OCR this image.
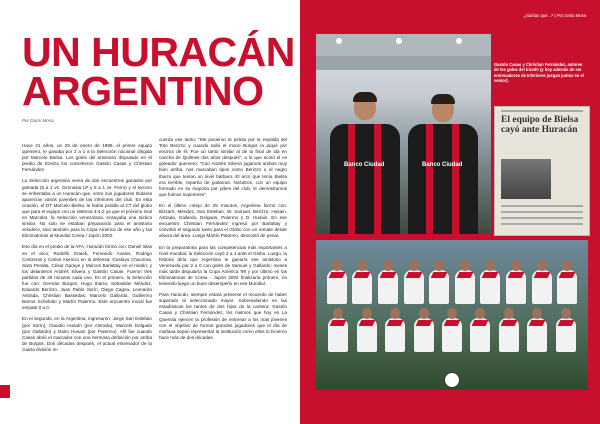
UN HURACÁN
ARGENTINO
Por Darío Mosa

Hace 21 años, un 29 de enero de 1999, el primer equipo quemero, le ganaba por 2 a 1 a la Selección nacional dirigida por Marcelo Bielsa. Los goles del amistoso disputado en el predio de Ezeiza los convirtieron Gastón Casas y Christian Fernández.

La Selección argentina venía de dos encuentros ganados por goleada (6 a 1 vs. Gimnasia LP y 5 a 1 vs. Ferro) y el tercero se enfrentaba a un Huracán que, entre sus jugadores titulares aparecían varios juveniles de las inferiores del club. En esta ocasión, el DT Marcelo Bielsa, le había pedido al CT del globo que para el equipo con un sistema 4-4-2 ya que el próximo rival en Marcabo, la Selección venezolana, ensayaba una táctica similar. No solo se estaban preparando para el amistoso venidero, sino también para la Copa América de ese año y las Eliminatorias al Mundial Corea / Japón 2002.

Ese día en el predio de la AFA, Huracán formó con: Daniel Islas en el arco; Rodolfo Graieb, Fernando Ávalos, Rodrigo Contreras y Carlos Asencio en la defensa; Gustavo Chacoma, Sixto Peralta, César Garaye y Marcos Barlattay en el medio; y los delanteros Andrés Silvera y Gastón Casas. Fueron tres partidos de 25 minutos cada uno. En el primero, la Selección fue con: Germán Burgos, Hugo Ibarra, Sebastián Méndez, Eduardo Berizzo, Juan Pablo Sorín, Diego Cagna, Leonardo Astrada, Christian Bassedas, Marcelo Gallardo, Guillermo Barros Schelotto y Martín Palermo. Este encuentro inicial fue empate 0 a 0.

En el segundo, en la Argentina, ingresaron: Jorge San Esteban (por Sorín), Claudio Husaín (por Astrada), Marcelo Delgado (por Gallardo) y Dario Husain (por Palermo). Allí fue cuando Casas abrió el marcador con una hermosa definición por arriba de Burgos. Dos décadas después, el actual entrenador de la cuarta división re-

cuerda ese tanto: "Me pusieron la pelota por la espalda del Toto Berizzo y cuando salió el mono Burgos la piqué por encima de él. Fue un tanto similar al de la final de ida en cancha de Quilmes dos años después", a lo que acotó el ex goleador quemero: "Con Andrés Silvera jugamos ambos muy bien arriba, nos marcaban tipos como Berizzo o el negro Ibarra que tenían un nivel bárbaro. El arco que tenía Bielsa era terrible, repartía de guitarras. Nosotros, con un equipo formado en su mayoría por pibes del club, le demostramos que fuimos superiores".

En el último cotejo de 25 minutos, Argentina formó con: Bizzarri, Méndez, San Esteban, W. Samuel, Berizzo, Husain, Astrada, Gallardo, Delgado, Palermo y D. Husain. En ese encuentro Christian Fernández ingresó por Barlattay y convirtió el segundo tanto para el Globo con un remate desde afuera del área. Luego Martín Palermo, descontó de penal.

En la preparatoria para las competencias más importantes a nivel mundial, la Selección cayó 2 a 1 ante el Globo. Luego, la historia diría que Argentina le ganaría ese amistoso a Venezuela por 2 a 0 con goles de Samuel y Gallardo; meses más tarde disputaría la Copa América '99 y por último en las Eliminatorias de Corea - Japón 2002 finalizaría primero, no teniendo luego un buen desempeño en ese Mundial.

Para Huracán, siempre estará presente el recuerdo de haber superado al seleccionado mayor. Sobresaliendo en las estadísticas los tantos de dos hijos de la cantera: Gastón Casas y Christian Fernández, los mismos que hoy en La Quemita ejercen la profesión de entrenar a los más jóvenes con el objetivo de formar grandes jugadores que el día de mañana sepan representar la institución como ellos lo hicieron hace más de dos décadas.

¿Sabías qué...? | Por Darío Mosa
Banco Ciudad	Banco Ciudad
Gastón Casas y Christian Fernández, autores de los goles del triunfo (y hoy además de ser entrenadores de Inferiores juegan juntos en el senior).
El equipo de Bielsa cayó ante Huracán
